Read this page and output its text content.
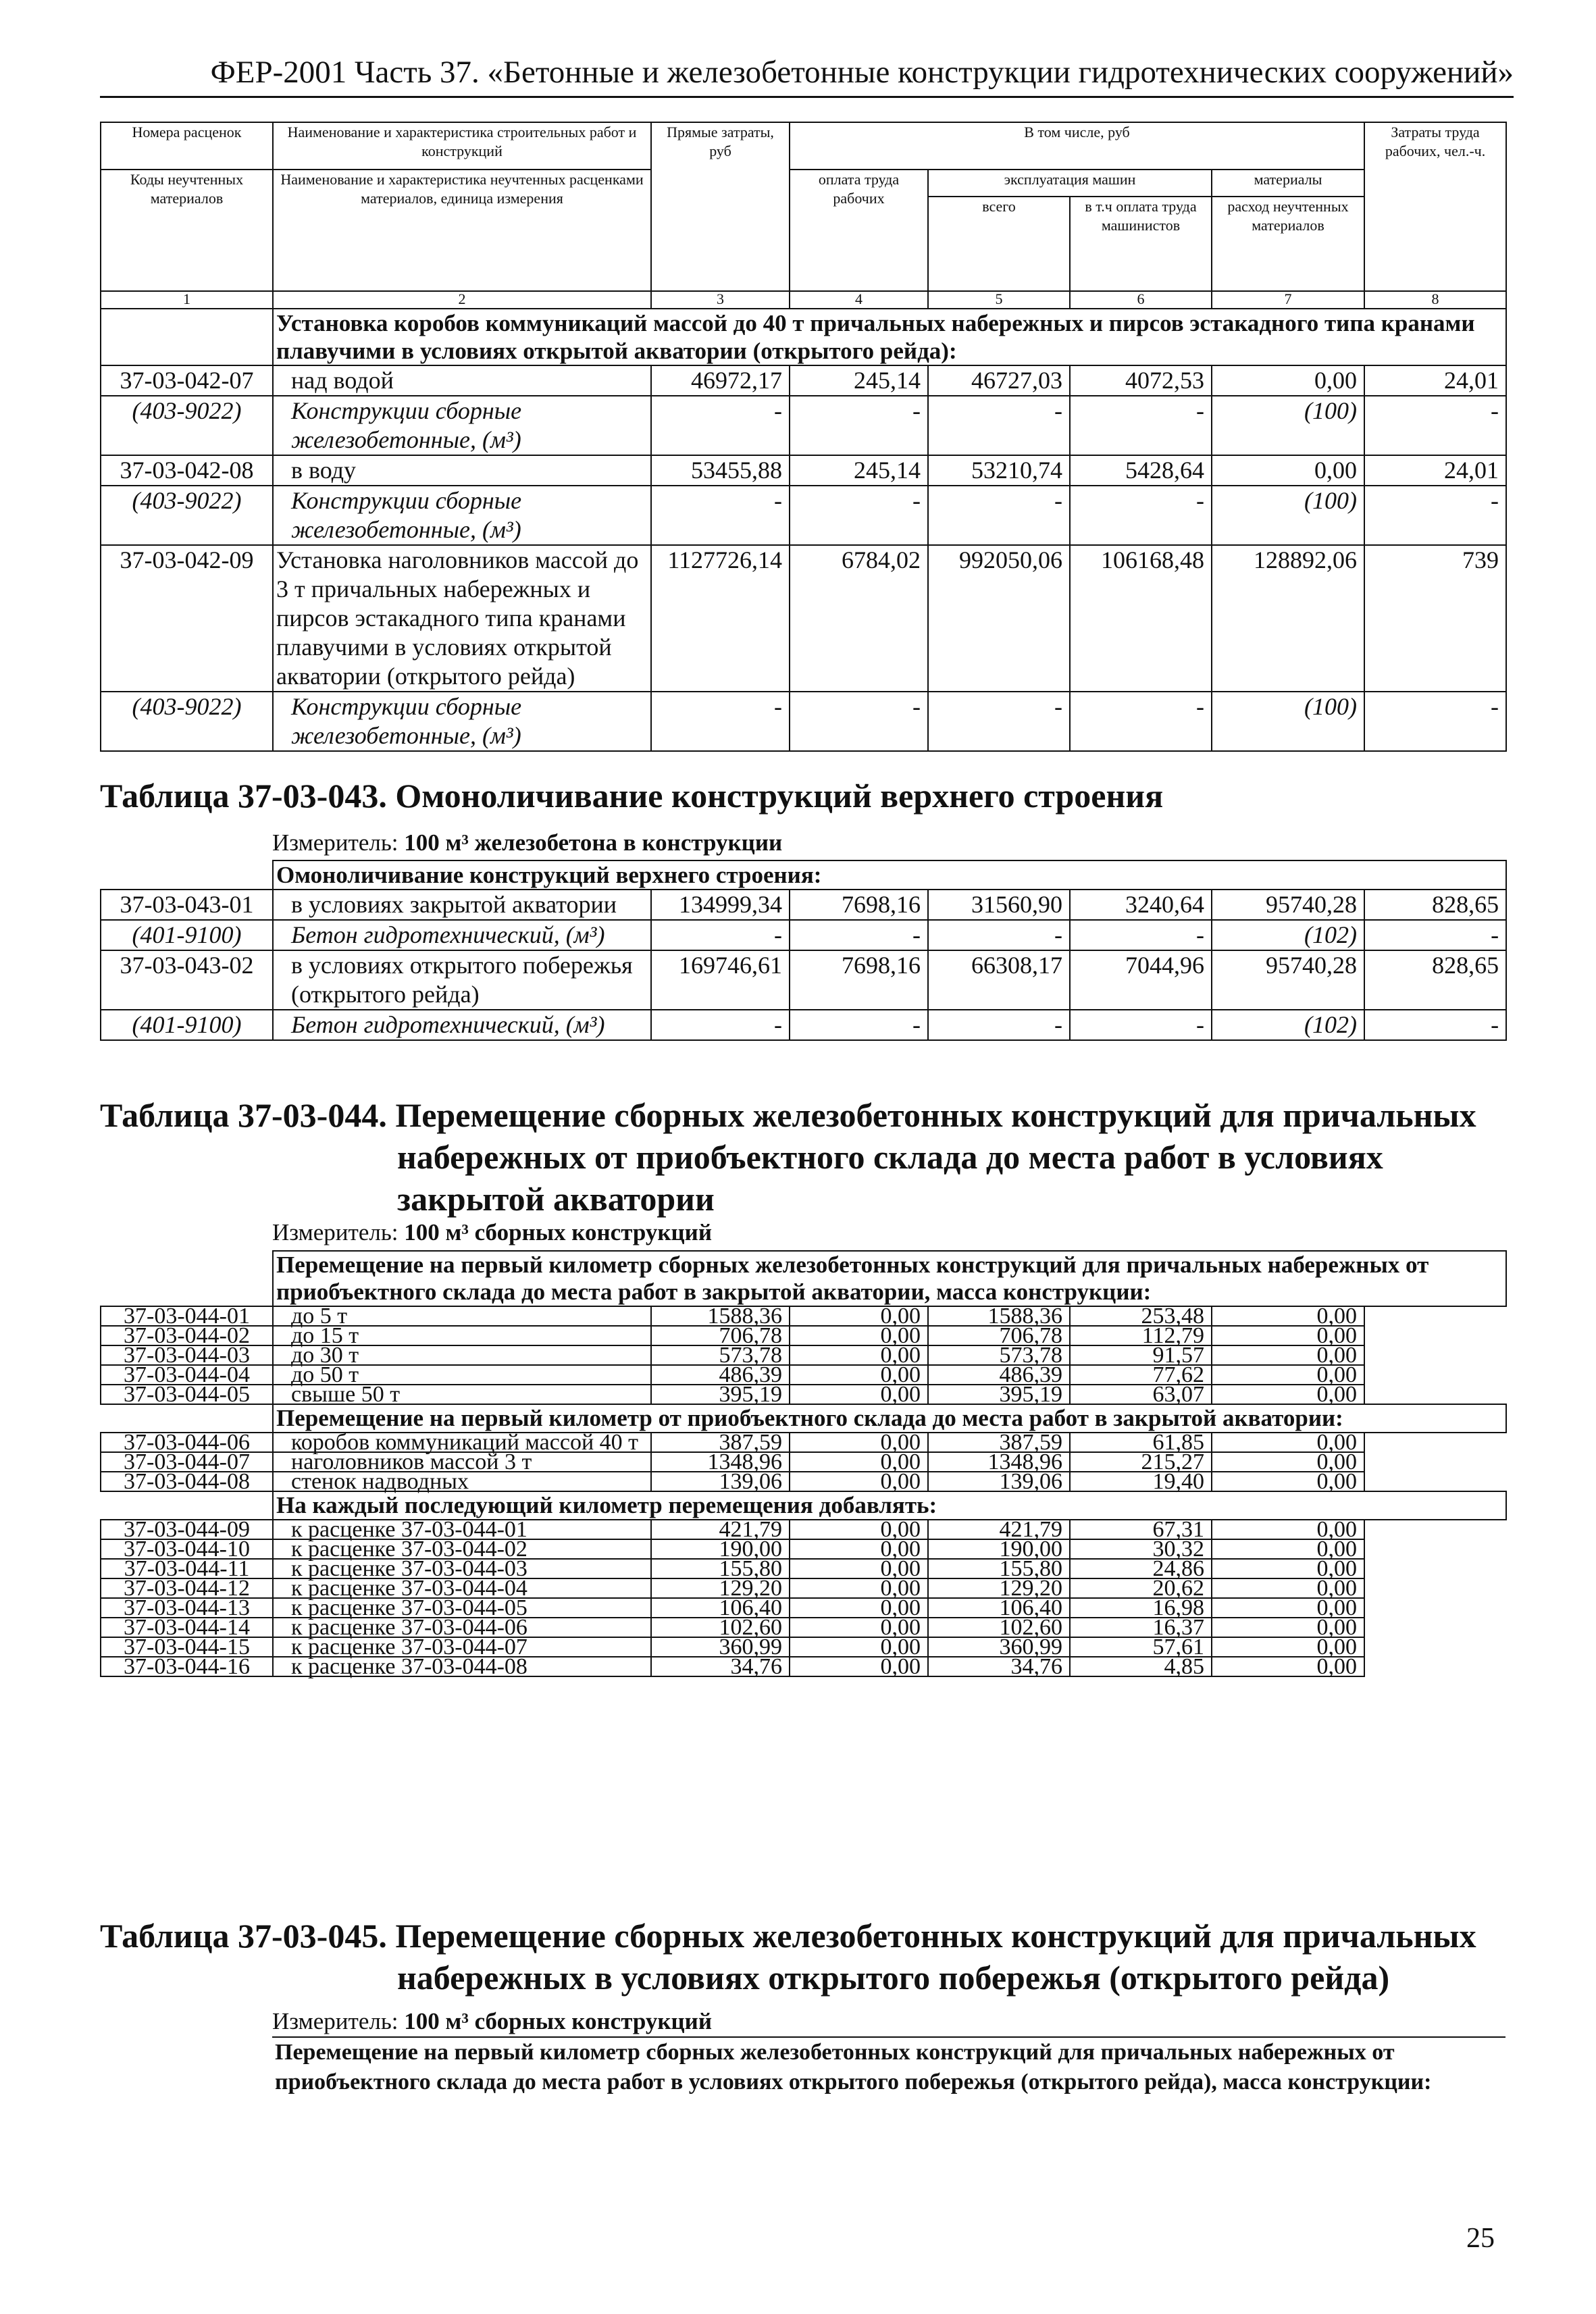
ФЕР-2001 Часть 37. «Бетонные и железобетонные конструкции гидротехнических сооружений»
Номера расценок	Наименование и характеристика строительных работ и конструкций	Прямые затраты, руб	В том числе, руб				Затраты труда рабочих, чел.-ч.
Коды неучтенных материалов	Наименование и характеристика неучтенных расценками материалов, единица измерения		оплата труда рабочих	эксплуатация машин		материалы	
				всего	в т.ч оплата труда машинистов	расход неучтенных материалов	
1	2	3	4	5	6	7	8
	Установка коробов коммуникаций массой до 40 т причальных набережных и пирсов эстакадного типа кранами плавучими в условиях открытой акватории (открытого рейда):						
37-03-042-07	над водой	46972,17	245,14	46727,03	4072,53	0,00	24,01
(403-9022)	Конструкции сборные железобетонные, (м³)	-	-	-	-	(100)	-
37-03-042-08	в воду	53455,88	245,14	53210,74	5428,64	0,00	24,01
(403-9022)	Конструкции сборные железобетонные, (м³)	-	-	-	-	(100)	-
37-03-042-09	Установка наголовников массой до 3 т причальных набережных и пирсов эстакадного типа кранами плавучими в условиях открытой акватории (открытого рейда)	1127726,14	6784,02	992050,06	106168,48	128892,06	739
(403-9022)	Конструкции сборные железобетонные, (м³)	-	-	-	-	(100)	-
Таблица 37-03-043. Омоноличивание конструкций верхнего строения
Измеритель: 100 м³ железобетона в конструкции
	Омоноличивание конструкций верхнего строения:						
37-03-043-01	в условиях закрытой акватории	134999,34	7698,16	31560,90	3240,64	95740,28	828,65
(401-9100)	Бетон гидротехнический, (м³)	-	-	-	-	(102)	-
37-03-043-02	в условиях открытого побережья (открытого рейда)	169746,61	7698,16	66308,17	7044,96	95740,28	828,65
(401-9100)	Бетон гидротехнический, (м³)	-	-	-	-	(102)	-
Таблица 37-03-044. Перемещение сборных железобетонных конструкций для причальных
набережных от приобъектного склада до места работ в условиях
закрытой акватории
Измеритель: 100 м³ сборных конструкций
	Перемещение на первый километр сборных железобетонных конструкций для причальных набережных от приобъектного склада до места работ в закрытой акватории, масса конструкции:						
37-03-044-01	до 5 т	1588,36	0,00	1588,36	253,48	0,00	
37-03-044-02	до 15 т	706,78	0,00	706,78	112,79	0,00	
37-03-044-03	до 30 т	573,78	0,00	573,78	91,57	0,00	
37-03-044-04	до 50 т	486,39	0,00	486,39	77,62	0,00	
37-03-044-05	свыше 50 т	395,19	0,00	395,19	63,07	0,00	
	Перемещение на первый километр от приобъектного склада до места работ в закрытой акватории:						
37-03-044-06	коробов коммуникаций массой 40 т	387,59	0,00	387,59	61,85	0,00	
37-03-044-07	наголовников массой 3 т	1348,96	0,00	1348,96	215,27	0,00	
37-03-044-08	стенок надводных	139,06	0,00	139,06	19,40	0,00	
	На каждый последующий километр перемещения добавлять:						
37-03-044-09	к расценке 37-03-044-01	421,79	0,00	421,79	67,31	0,00	
37-03-044-10	к расценке 37-03-044-02	190,00	0,00	190,00	30,32	0,00	
37-03-044-11	к расценке 37-03-044-03	155,80	0,00	155,80	24,86	0,00	
37-03-044-12	к расценке 37-03-044-04	129,20	0,00	129,20	20,62	0,00	
37-03-044-13	к расценке 37-03-044-05	106,40	0,00	106,40	16,98	0,00	
37-03-044-14	к расценке 37-03-044-06	102,60	0,00	102,60	16,37	0,00	
37-03-044-15	к расценке 37-03-044-07	360,99	0,00	360,99	57,61	0,00	
37-03-044-16	к расценке 37-03-044-08	34,76	0,00	34,76	4,85	0,00	
Таблица 37-03-045. Перемещение сборных железобетонных конструкций для причальных
набережных в условиях открытого побережья (открытого рейда)
Измеритель: 100 м³ сборных конструкций
Перемещение на первый километр сборных железобетонных конструкций для причальных набережных от приобъектного склада до места работ в условиях открытого побережья (открытого рейда), масса конструкции:
25
